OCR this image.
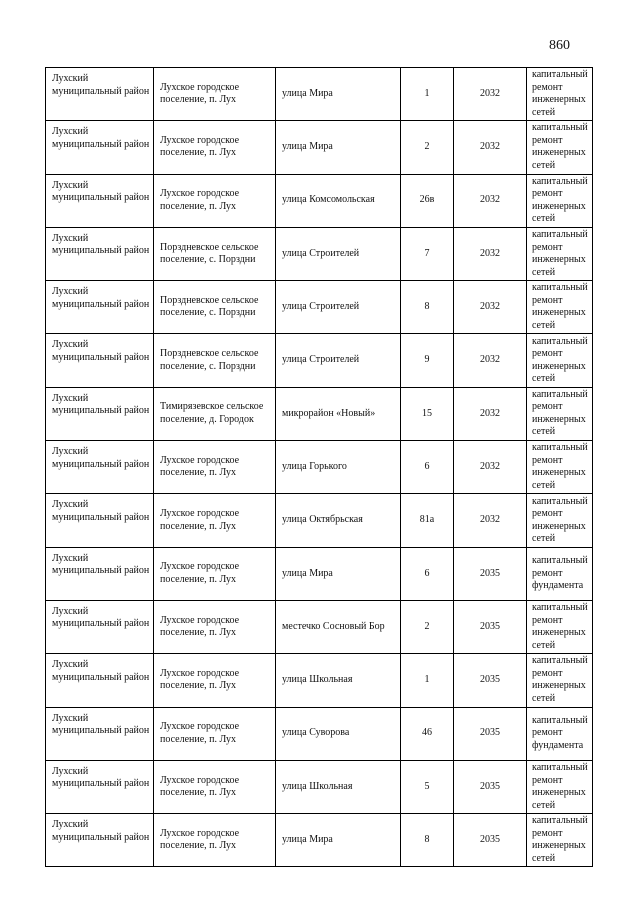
860
Лухский муниципальный район	Лухское городское поселение, п. Лух	улица Мира	1	2032	капитальный ремонт инженерных сетей
Лухский муниципальный район	Лухское городское поселение, п. Лух	улица Мира	2	2032	капитальный ремонт инженерных сетей
Лухский муниципальный район	Лухское городское поселение, п. Лух	улица Комсомольская	26в	2032	капитальный ремонт инженерных сетей
Лухский муниципальный район	Порздневское сельское поселение, с. Порздни	улица Строителей	7	2032	капитальный ремонт инженерных сетей
Лухский муниципальный район	Порздневское сельское поселение, с. Порздни	улица Строителей	8	2032	капитальный ремонт инженерных сетей
Лухский муниципальный район	Порздневское сельское поселение, с. Порздни	улица Строителей	9	2032	капитальный ремонт инженерных сетей
Лухский муниципальный район	Тимирязевское сельское поселение, д. Городок	микрорайон «Новый»	15	2032	капитальный ремонт инженерных сетей
Лухский муниципальный район	Лухское городское поселение, п. Лух	улица Горького	6	2032	капитальный ремонт инженерных сетей
Лухский муниципальный район	Лухское городское поселение, п. Лух	улица Октябрьская	81а	2032	капитальный ремонт инженерных сетей
Лухский муниципальный район	Лухское городское поселение, п. Лух	улица Мира	6	2035	капитальный ремонт фундамента
Лухский муниципальный район	Лухское городское поселение, п. Лух	местечко Сосновый Бор	2	2035	капитальный ремонт инженерных сетей
Лухский муниципальный район	Лухское городское поселение, п. Лух	улица Школьная	1	2035	капитальный ремонт инженерных сетей
Лухский муниципальный район	Лухское городское поселение, п. Лух	улица Суворова	46	2035	капитальный ремонт фундамента
Лухский муниципальный район	Лухское городское поселение, п. Лух	улица Школьная	5	2035	капитальный ремонт инженерных сетей
Лухский муниципальный район	Лухское городское поселение, п. Лух	улица Мира	8	2035	капитальный ремонт инженерных сетей
